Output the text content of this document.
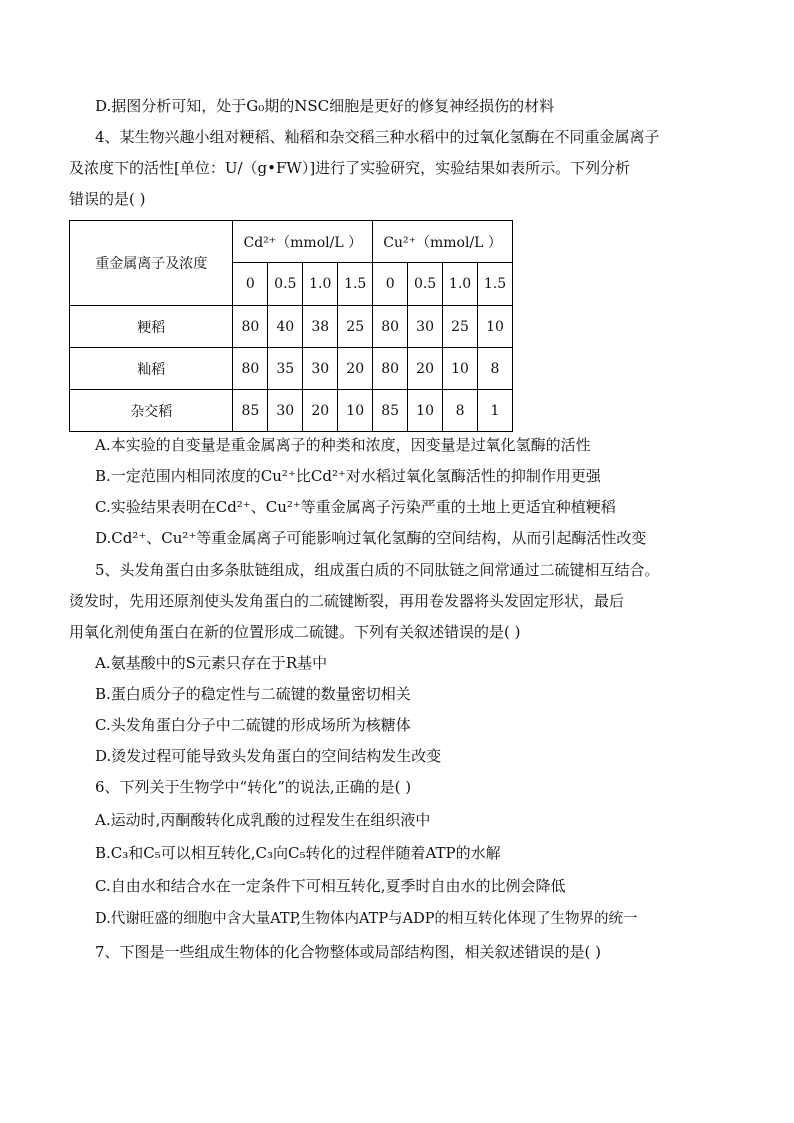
D.据图分析可知，处于G₀期的NSC细胞是更好的修复神经损伤的材料
4、某生物兴趣小组对粳稻、籼稻和杂交稻三种水稻中的过氧化氢酶在不同重金属离子
及浓度下的活性[单位：U/（g•FW）]进行了实验研究，实验结果如表所示。下列分析
错误的是( )
重金属离子及浓度	Cd²⁺（mmol/L ）				Cu²⁺（mmol/L ）			
	0	0.5	1.0	1.5	0	0.5	1.0	1.5
粳稻	80	40	38	25	80	30	25	10
籼稻	80	35	30	20	80	20	10	8
杂交稻	85	30	20	10	85	10	8	1
A.本实验的自变量是重金属离子的种类和浓度，因变量是过氧化氢酶的活性
B.一定范围内相同浓度的Cu²⁺比Cd²⁺对水稻过氧化氢酶活性的抑制作用更强
C.实验结果表明在Cd²⁺、Cu²⁺等重金属离子污染严重的土地上更适宜种植粳稻
D.Cd²⁺、Cu²⁺等重金属离子可能影响过氧化氢酶的空间结构，从而引起酶活性改变
5、头发角蛋白由多条肽链组成，组成蛋白质的不同肽链之间常通过二硫键相互结合。
烫发时，先用还原剂使头发角蛋白的二硫键断裂，再用卷发器将头发固定形状，最后
用氧化剂使角蛋白在新的位置形成二硫键。下列有关叙述错误的是( )
A.氨基酸中的S元素只存在于R基中
B.蛋白质分子的稳定性与二硫键的数量密切相关
C.头发角蛋白分子中二硫键的形成场所为核糖体
D.烫发过程可能导致头发角蛋白的空间结构发生改变
6、下列关于生物学中“转化”的说法,正确的是( )
A.运动时,丙酮酸转化成乳酸的过程发生在组织液中
B.C₃和C₅可以相互转化,C₃向C₅转化的过程伴随着ATP的水解
C.自由水和结合水在一定条件下可相互转化,夏季时自由水的比例会降低
D.代谢旺盛的细胞中含大量ATP,生物体内ATP与ADP的相互转化体现了生物界的统一
7、下图是一些组成生物体的化合物整体或局部结构图，相关叙述错误的是( )
